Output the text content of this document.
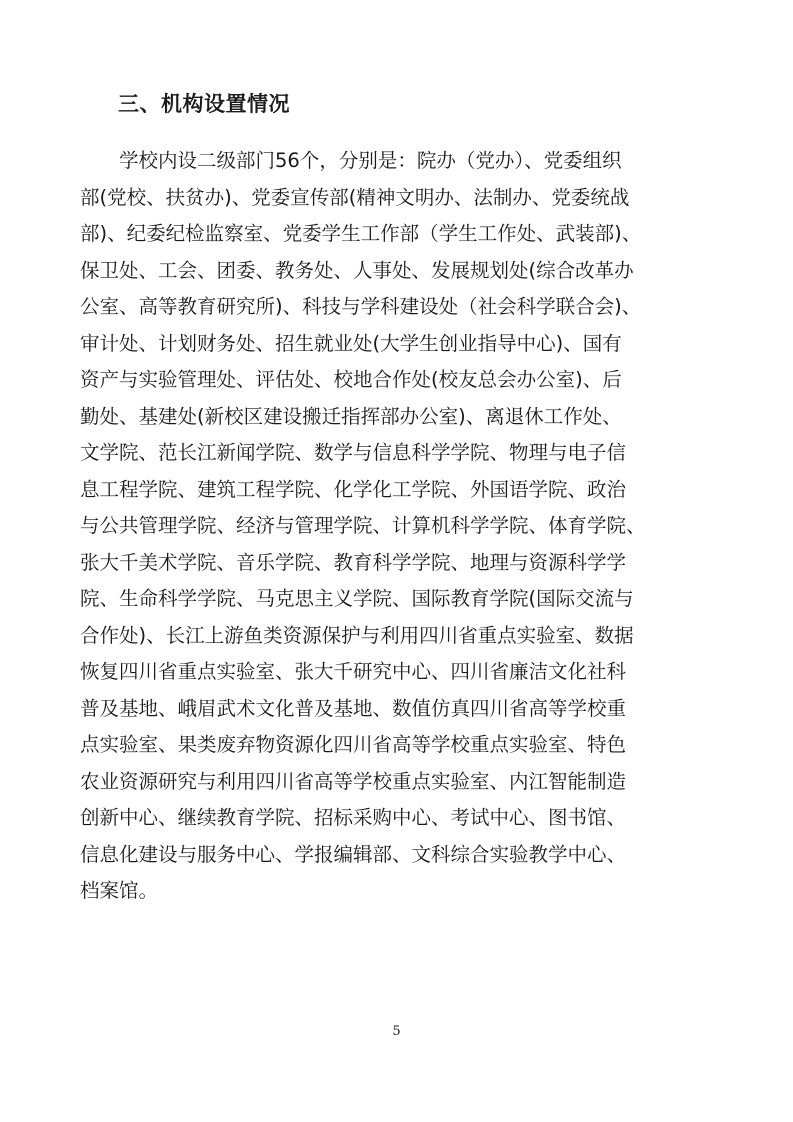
三、机构设置情况
学校内设二级部门56个，分别是：院办（党办）、党委组织
部(党校、扶贫办)、党委宣传部(精神文明办、法制办、党委统战
部)、纪委纪检监察室、党委学生工作部（学生工作处、武装部)、
保卫处、工会、团委、教务处、人事处、发展规划处(综合改革办
公室、高等教育研究所)、科技与学科建设处（社会科学联合会)、
审计处、计划财务处、招生就业处(大学生创业指导中心)、国有
资产与实验管理处、评估处、校地合作处(校友总会办公室)、后
勤处、基建处(新校区建设搬迁指挥部办公室)、离退休工作处、
文学院、范长江新闻学院、数学与信息科学学院、物理与电子信
息工程学院、建筑工程学院、化学化工学院、外国语学院、政治
与公共管理学院、经济与管理学院、计算机科学学院、体育学院、
张大千美术学院、音乐学院、教育科学学院、地理与资源科学学
院、生命科学学院、马克思主义学院、国际教育学院(国际交流与
合作处)、长江上游鱼类资源保护与利用四川省重点实验室、数据
恢复四川省重点实验室、张大千研究中心、四川省廉洁文化社科
普及基地、峨眉武术文化普及基地、数值仿真四川省高等学校重
点实验室、果类废弃物资源化四川省高等学校重点实验室、特色
农业资源研究与利用四川省高等学校重点实验室、内江智能制造
创新中心、继续教育学院、招标采购中心、考试中心、图书馆、
信息化建设与服务中心、学报编辑部、文科综合实验教学中心、
档案馆。
5
